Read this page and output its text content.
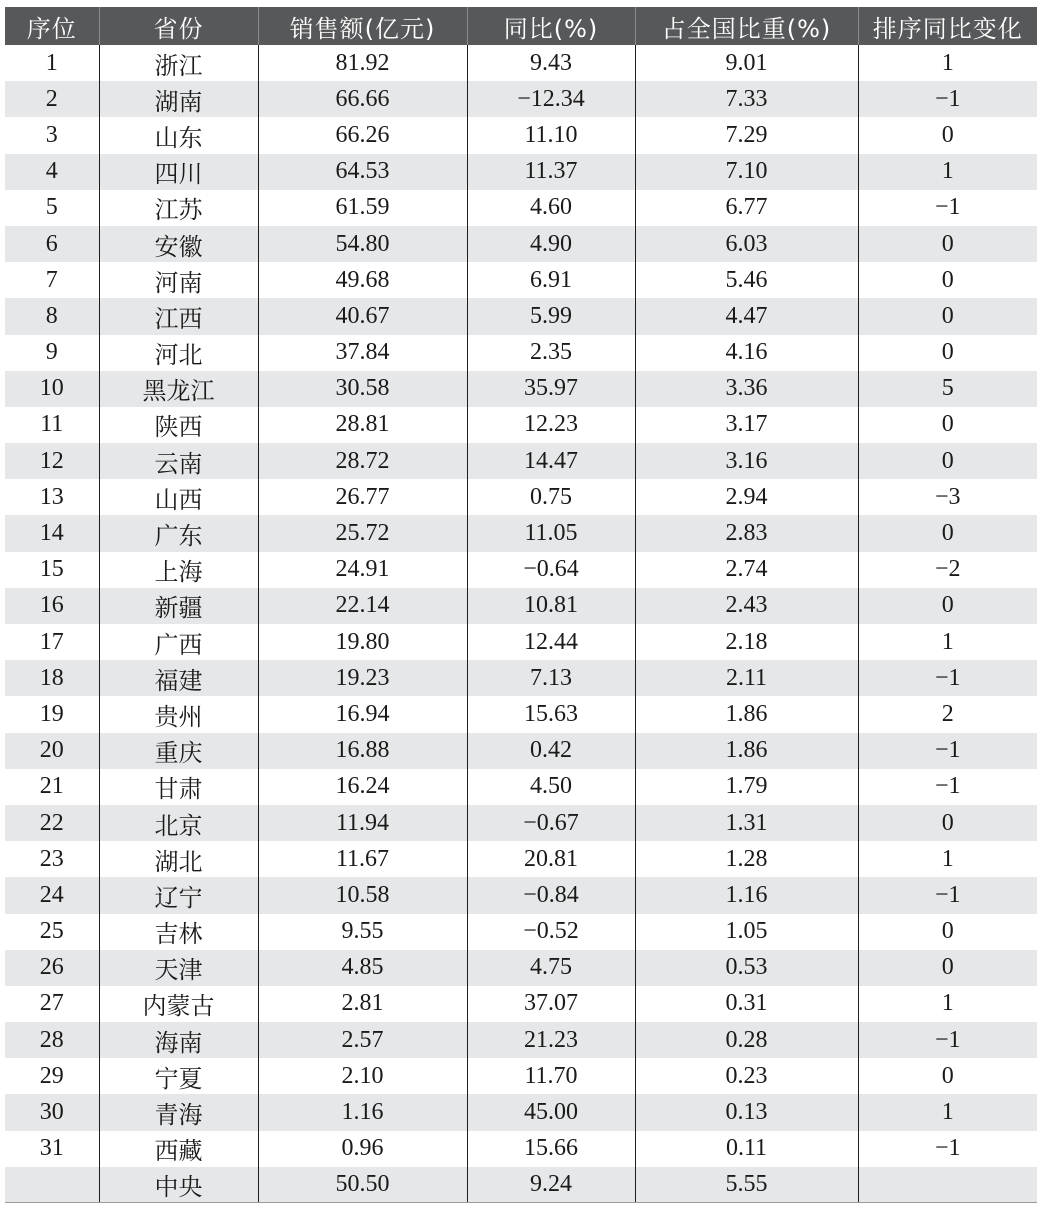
序位	省份	销售额(亿元)	同比(%)	占全国比重(%)	排序同比变化
1	浙江	81.92	9.43	9.01	1
2	湖南	66.66	−12.34	7.33	−1
3	山东	66.26	11.10	7.29	0
4	四川	64.53	11.37	7.10	1
5	江苏	61.59	4.60	6.77	−1
6	安徽	54.80	4.90	6.03	0
7	河南	49.68	6.91	5.46	0
8	江西	40.67	5.99	4.47	0
9	河北	37.84	2.35	4.16	0
10	黑龙江	30.58	35.97	3.36	5
11	陕西	28.81	12.23	3.17	0
12	云南	28.72	14.47	3.16	0
13	山西	26.77	0.75	2.94	−3
14	广东	25.72	11.05	2.83	0
15	上海	24.91	−0.64	2.74	−2
16	新疆	22.14	10.81	2.43	0
17	广西	19.80	12.44	2.18	1
18	福建	19.23	7.13	2.11	−1
19	贵州	16.94	15.63	1.86	2
20	重庆	16.88	0.42	1.86	−1
21	甘肃	16.24	4.50	1.79	−1
22	北京	11.94	−0.67	1.31	0
23	湖北	11.67	20.81	1.28	1
24	辽宁	10.58	−0.84	1.16	−1
25	吉林	9.55	−0.52	1.05	0
26	天津	4.85	4.75	0.53	0
27	内蒙古	2.81	37.07	0.31	1
28	海南	2.57	21.23	0.28	−1
29	宁夏	2.10	11.70	0.23	0
30	青海	1.16	45.00	0.13	1
31	西藏	0.96	15.66	0.11	−1
	中央	50.50	9.24	5.55	
